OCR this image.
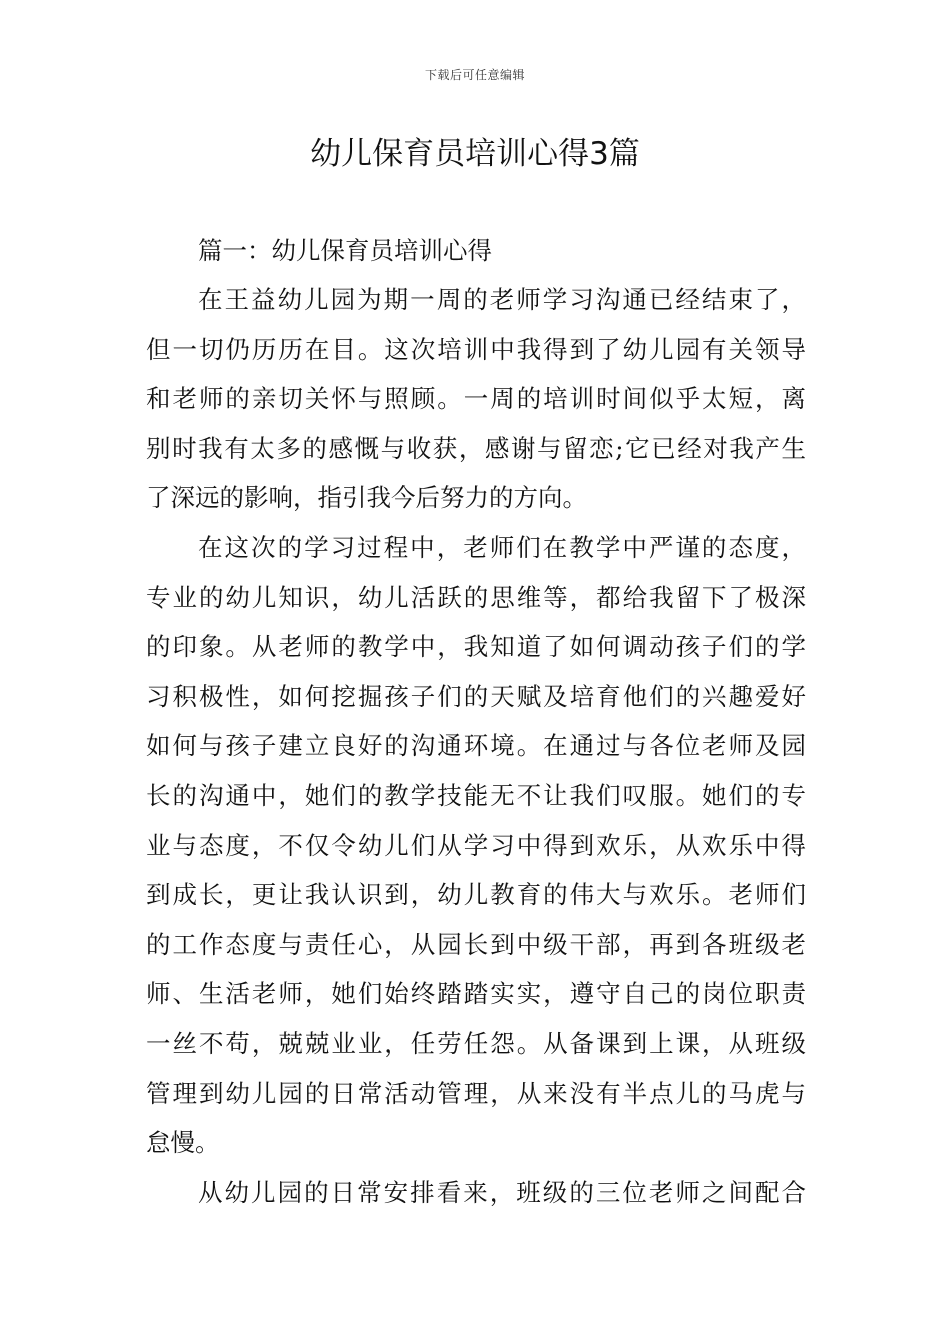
下载后可任意编辑
幼儿保育员培训心得3篇

篇一：幼儿保育员培训心得

在王益幼儿园为期一周的老师学习沟通已经结束了，
但一切仍历历在目。这次培训中我得到了幼儿园有关领导
和老师的亲切关怀与照顾。一周的培训时间似乎太短，离
别时我有太多的感慨与收获，感谢与留恋;它已经对我产生
了深远的影响，指引我今后努力的方向。

在这次的学习过程中，老师们在教学中严谨的态度，
专业的幼儿知识，幼儿活跃的思维等，都给我留下了极深
的印象。从老师的教学中，我知道了如何调动孩子们的学
习积极性，如何挖掘孩子们的天赋及培育他们的兴趣爱好
如何与孩子建立良好的沟通环境。在通过与各位老师及园
长的沟通中，她们的教学技能无不让我们叹服。她们的专
业与态度，不仅令幼儿们从学习中得到欢乐，从欢乐中得
到成长，更让我认识到，幼儿教育的伟大与欢乐。老师们
的工作态度与责任心，从园长到中级干部，再到各班级老
师、生活老师，她们始终踏踏实实，遵守自己的岗位职责
一丝不苟，兢兢业业，任劳任怨。从备课到上课，从班级
管理到幼儿园的日常活动管理，从来没有半点儿的马虎与
怠慢。

从幼儿园的日常安排看来，班级的三位老师之间配合
